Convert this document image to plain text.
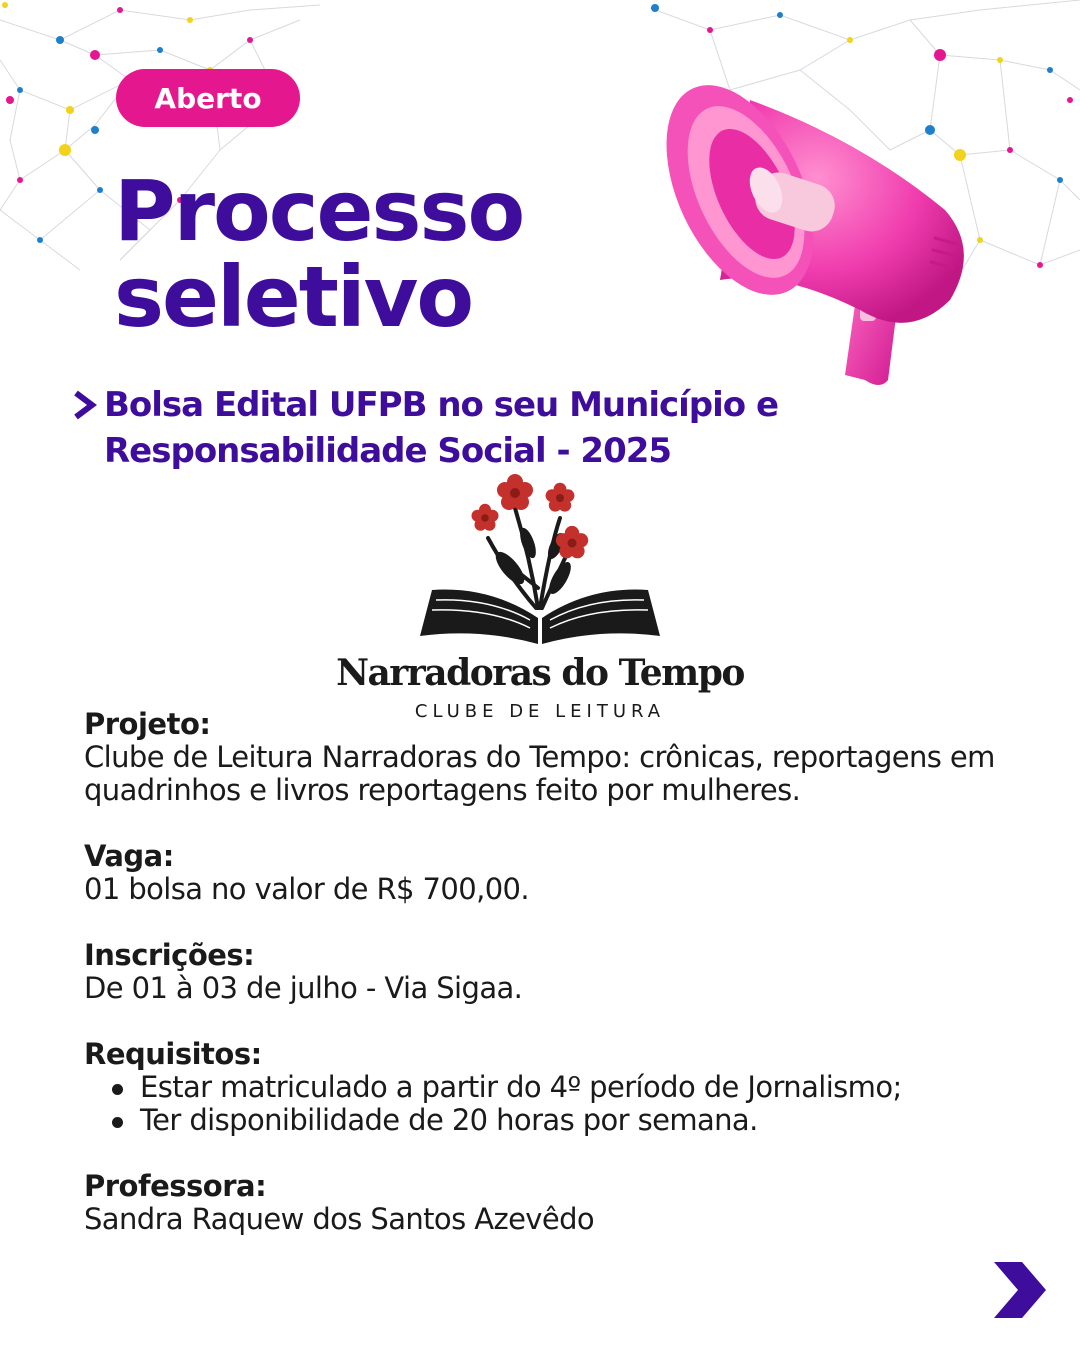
Aberto
Processo
seletivo
Bolsa Edital UFPB no seu Município e
Responsabilidade Social - 2025
Narradoras do Tempo
CLUBE DE LEITURA
Projeto:
Clube de Leitura Narradoras do Tempo: crônicas, reportagens em quadrinhos e livros reportagens feito por mulheres.
Vaga:
01 bolsa no valor de R$ 700,00.
Inscrições:
De 01 à 03 de julho - Via Sigaa.
Requisitos:
Estar matriculado a partir do 4º período de Jornalismo;
Ter disponibilidade de 20 horas por semana.
Professora:
Sandra Raquew dos Santos Azevêdo
